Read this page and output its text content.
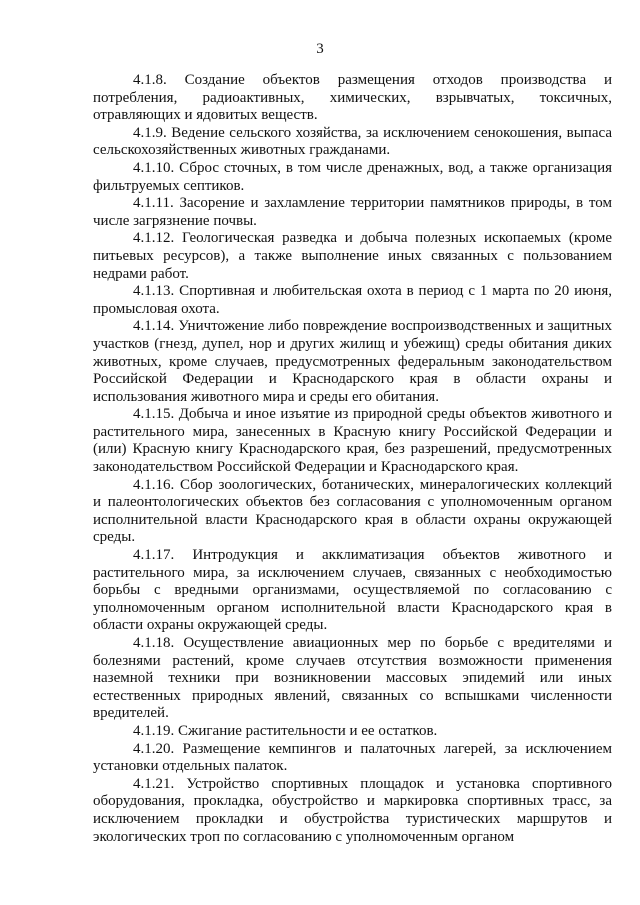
3

4.1.8. Создание объектов размещения отходов производства и потребления, радиоактивных, химических, взрывчатых, токсичных, отравляющих и ядовитых веществ.

4.1.9. Ведение сельского хозяйства, за исключением сенокошения, выпаса сельскохозяйственных животных гражданами.

4.1.10. Сброс сточных, в том числе дренажных, вод, а также организация фильтруемых септиков.

4.1.11. Засорение и захламление территории памятников природы, в том числе загрязнение почвы.

4.1.12. Геологическая разведка и добыча полезных ископаемых (кроме питьевых ресурсов), а также выполнение иных связанных с пользованием недрами работ.

4.1.13. Спортивная и любительская охота в период с 1 марта по 20 июня, промысловая охота.

4.1.14. Уничтожение либо повреждение воспроизводственных и защитных участков (гнезд, дупел, нор и других жилищ и убежищ) среды обитания диких животных, кроме случаев, предусмотренных федеральным законодательством Российской Федерации и Краснодарского края в области охраны и использования животного мира и среды его обитания.

4.1.15. Добыча и иное изъятие из природной среды объектов животного и растительного мира, занесенных в Красную книгу Российской Федерации и (или) Красную книгу Краснодарского края, без разрешений, предусмотренных законодательством Российской Федерации и Краснодарского края.

4.1.16. Сбор зоологических, ботанических, минералогических коллекций и палеонтологических объектов без согласования с уполномоченным органом исполнительной власти Краснодарского края в области охраны окружающей среды.

4.1.17. Интродукция и акклиматизация объектов животного и растительного мира, за исключением случаев, связанных с необходимостью борьбы с вредными организмами, осуществляемой по согласованию с уполномоченным органом исполнительной власти Краснодарского края в области охраны окружающей среды.

4.1.18. Осуществление авиационных мер по борьбе с вредителями и болезнями растений, кроме случаев отсутствия возможности применения наземной техники при возникновении массовых эпидемий или иных естественных природных явлений, связанных со вспышками численности вредителей.

4.1.19. Сжигание растительности и ее остатков.

4.1.20. Размещение кемпингов и палаточных лагерей, за исключением установки отдельных палаток.

4.1.21. Устройство спортивных площадок и установка спортивного оборудования, прокладка, обустройство и маркировка спортивных трасс, за исключением прокладки и обустройства туристических маршрутов и экологических троп по согласованию с уполномоченным органом
